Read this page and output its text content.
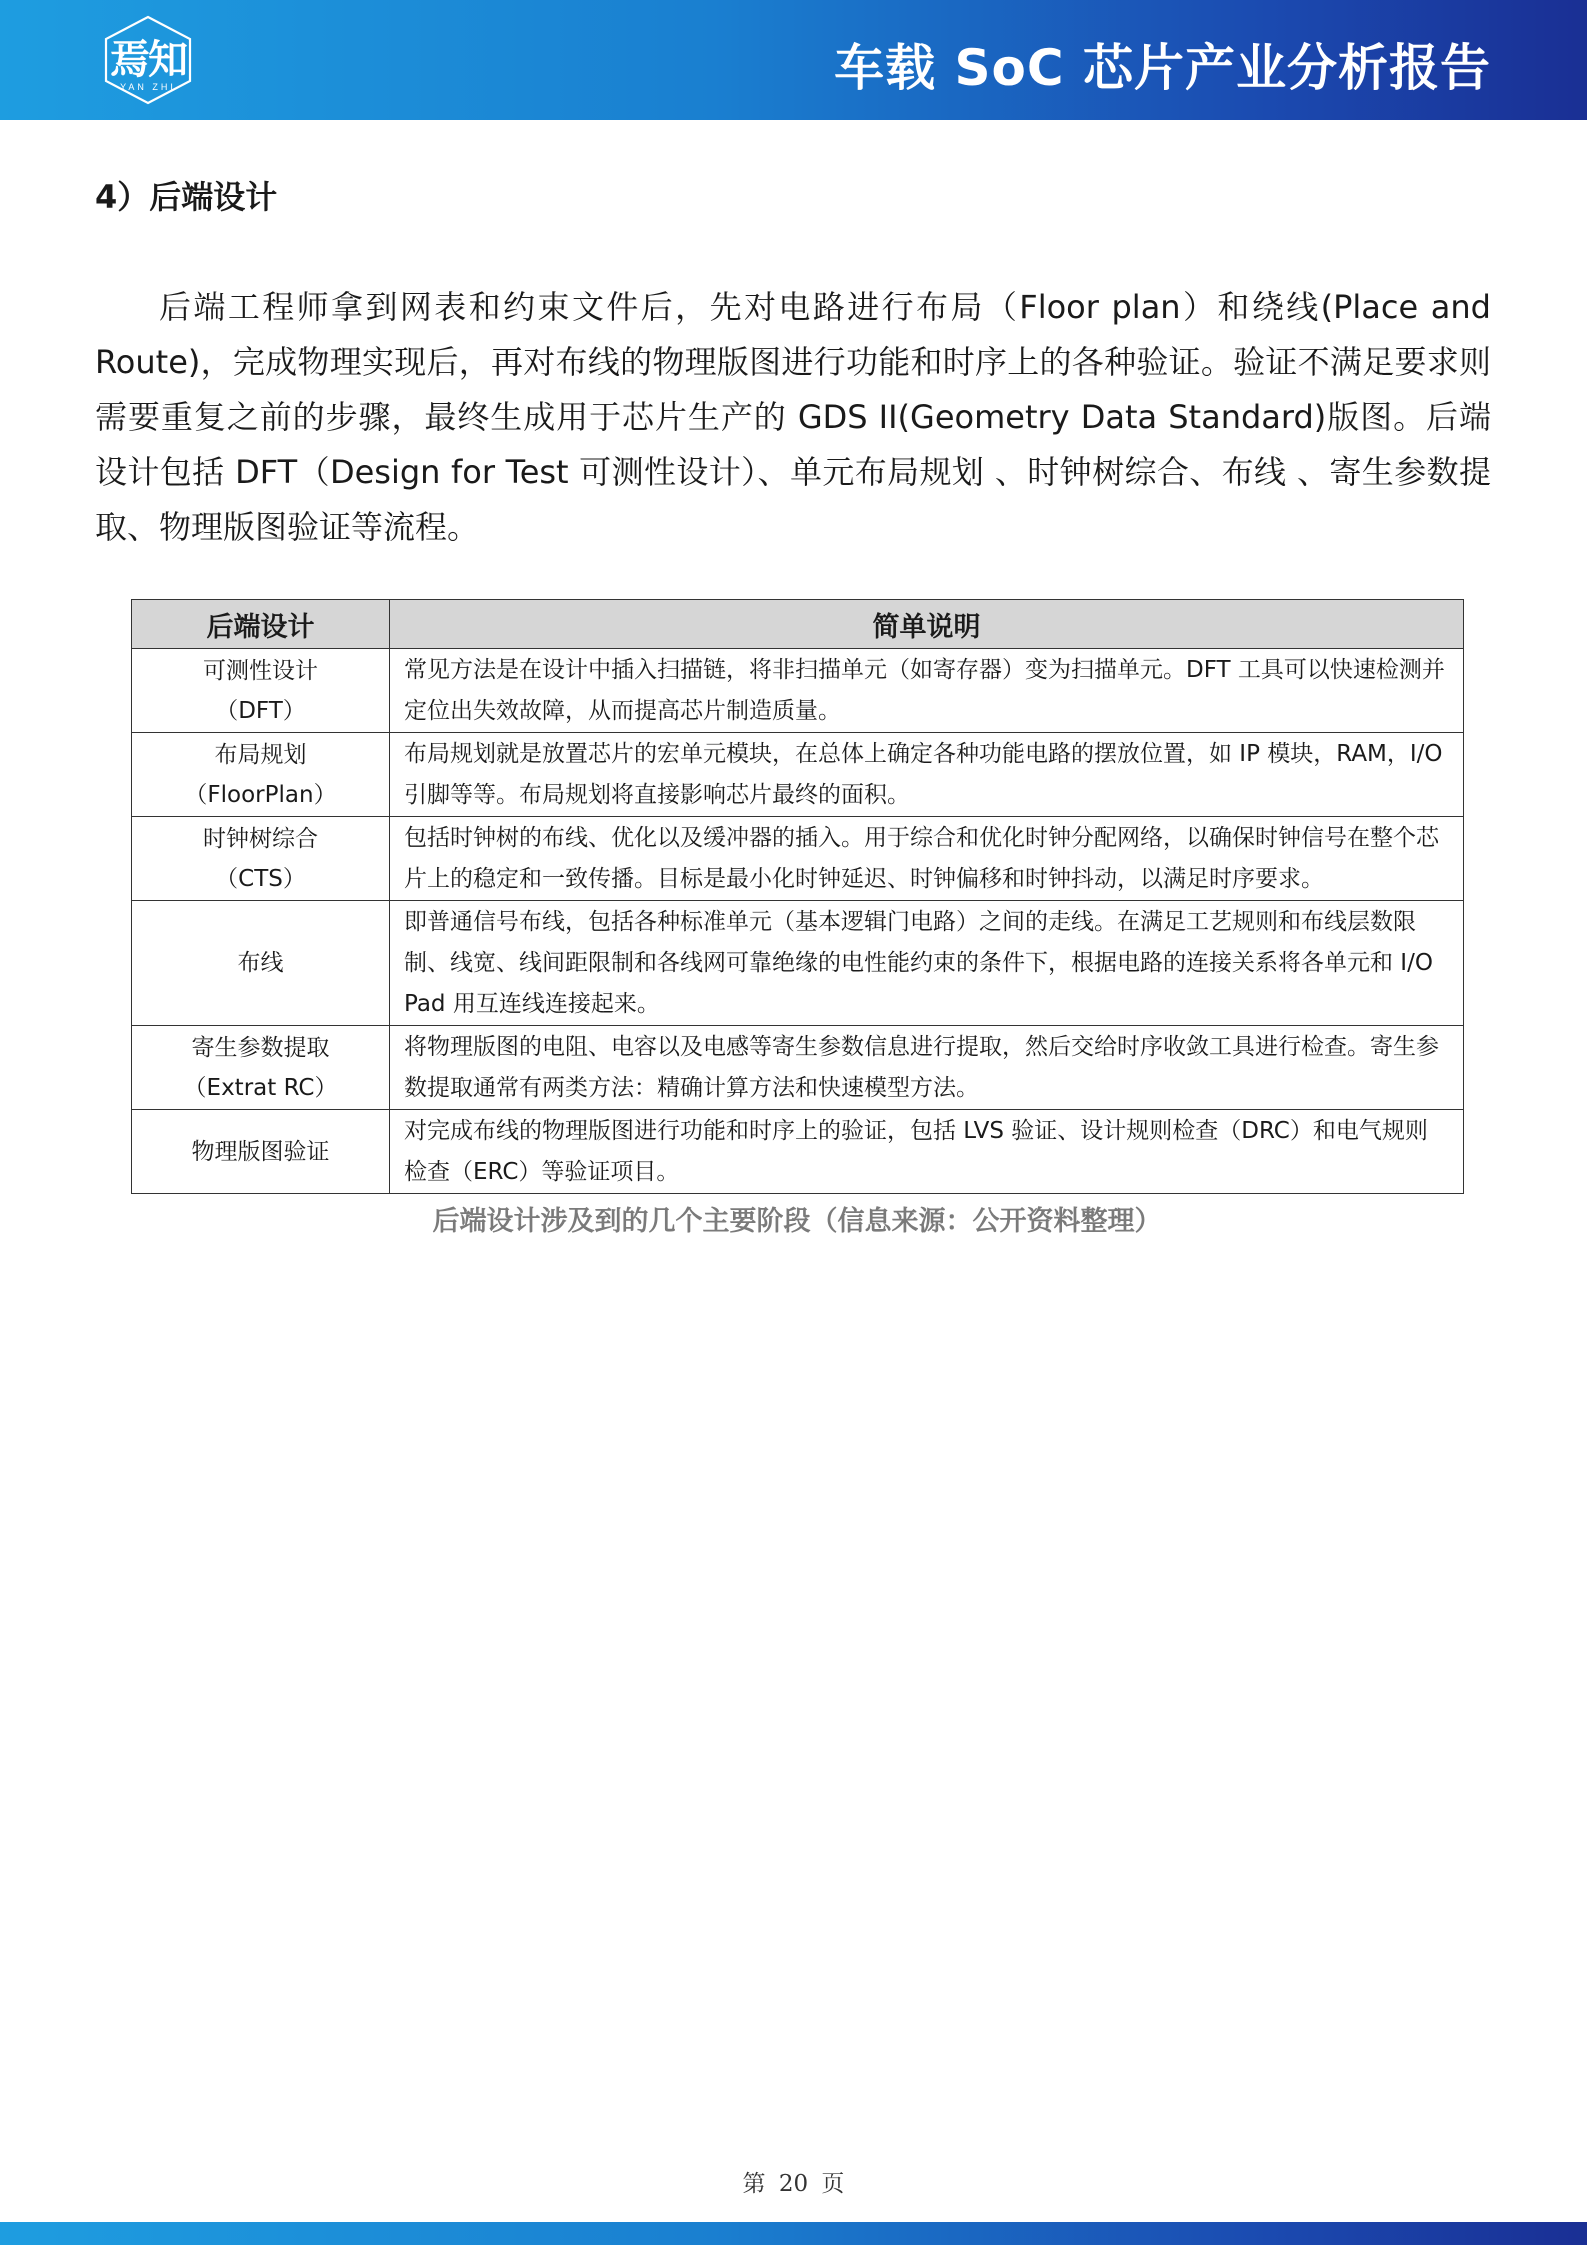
焉知
YAN ZHI	车载 SoC 芯片产业分析报告
4）后端设计

后端工程师拿到网表和约束文件后，先对电路进行布局（Floor plan）和绕线(Place and Route)，完成物理实现后，再对布线的物理版图进行功能和时序上的各种验证。验证不满足要求则需要重复之前的步骤，最终生成用于芯片生产的 GDS II(Geometry Data Standard)版图。后端设计包括 DFT（Design for Test 可测性设计）、单元布局规划 、时钟树综合、布线 、寄生参数提取、物理版图验证等流程。

后端设计	简单说明

可测性设计
（DFT）	常见方法是在设计中插入扫描链，将非扫描单元（如寄存器）变为扫描单元。DFT 工具可以快速检测并定位出失效故障，从而提高芯片制造质量。

布局规划
（FloorPlan）	布局规划就是放置芯片的宏单元模块，在总体上确定各种功能电路的摆放位置，如 IP 模块，RAM，I/O 引脚等等。布局规划将直接影响芯片最终的面积。

时钟树综合
（CTS）	包括时钟树的布线、优化以及缓冲器的插入。用于综合和优化时钟分配网络，以确保时钟信号在整个芯片上的稳定和一致传播。目标是最小化时钟延迟、时钟偏移和时钟抖动，以满足时序要求。

布线	即普通信号布线，包括各种标准单元（基本逻辑门电路）之间的走线。在满足工艺规则和布线层数限制、线宽、线间距限制和各线网可靠绝缘的电性能约束的条件下，根据电路的连接关系将各单元和 I/O Pad 用互连线连接起来。

寄生参数提取
（Extrat RC）	将物理版图的电阻、电容以及电感等寄生参数信息进行提取，然后交给时序收敛工具进行检查。寄生参数提取通常有两类方法：精确计算方法和快速模型方法。

物理版图验证	对完成布线的物理版图进行功能和时序上的验证，包括 LVS 验证、设计规则检查（DRC）和电气规则检查（ERC）等验证项目。
后端设计涉及到的几个主要阶段（信息来源：公开资料整理）
第 20 页
